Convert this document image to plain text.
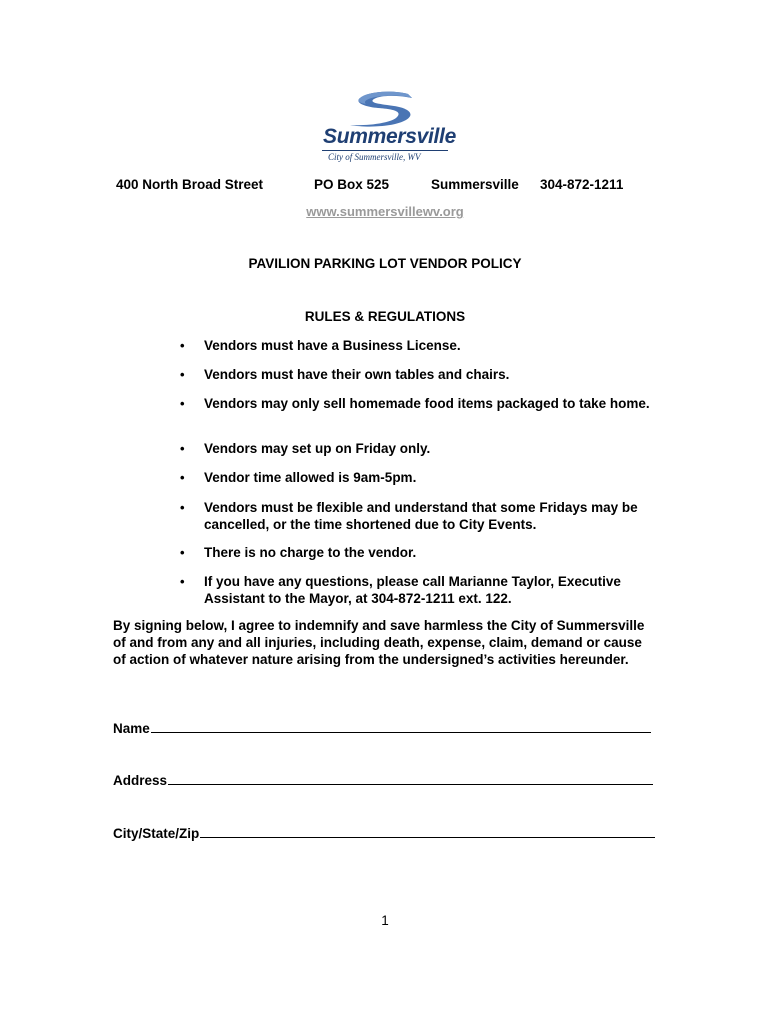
Summersville
City of Summersville, WV
400 North Broad Street	PO Box 525	Summersville 304-872-1211
www.summersvillewv.org
PAVILION PARKING LOT VENDOR POLICY
RULES & REGULATIONS
• Vendors must have a Business License.
• Vendors must have their own tables and chairs.
• Vendors may only sell homemade food items packaged to take home.
• Vendors may set up on Friday only.
• Vendor time allowed is 9am-5pm.
• Vendors must be flexible and understand that some Fridays may be cancelled, or the time shortened due to City Events.
• There is no charge to the vendor.
• If you have any questions, please call Marianne Taylor, Executive Assistant to the Mayor, at 304-872-1211 ext. 122.
By signing below, I agree to indemnify and save harmless the City of Summersville of and from any and all injuries, including death, expense, claim, demand or cause of action of whatever nature arising from the undersigned’s activities hereunder.
Name
Address
City/State/Zip
1
